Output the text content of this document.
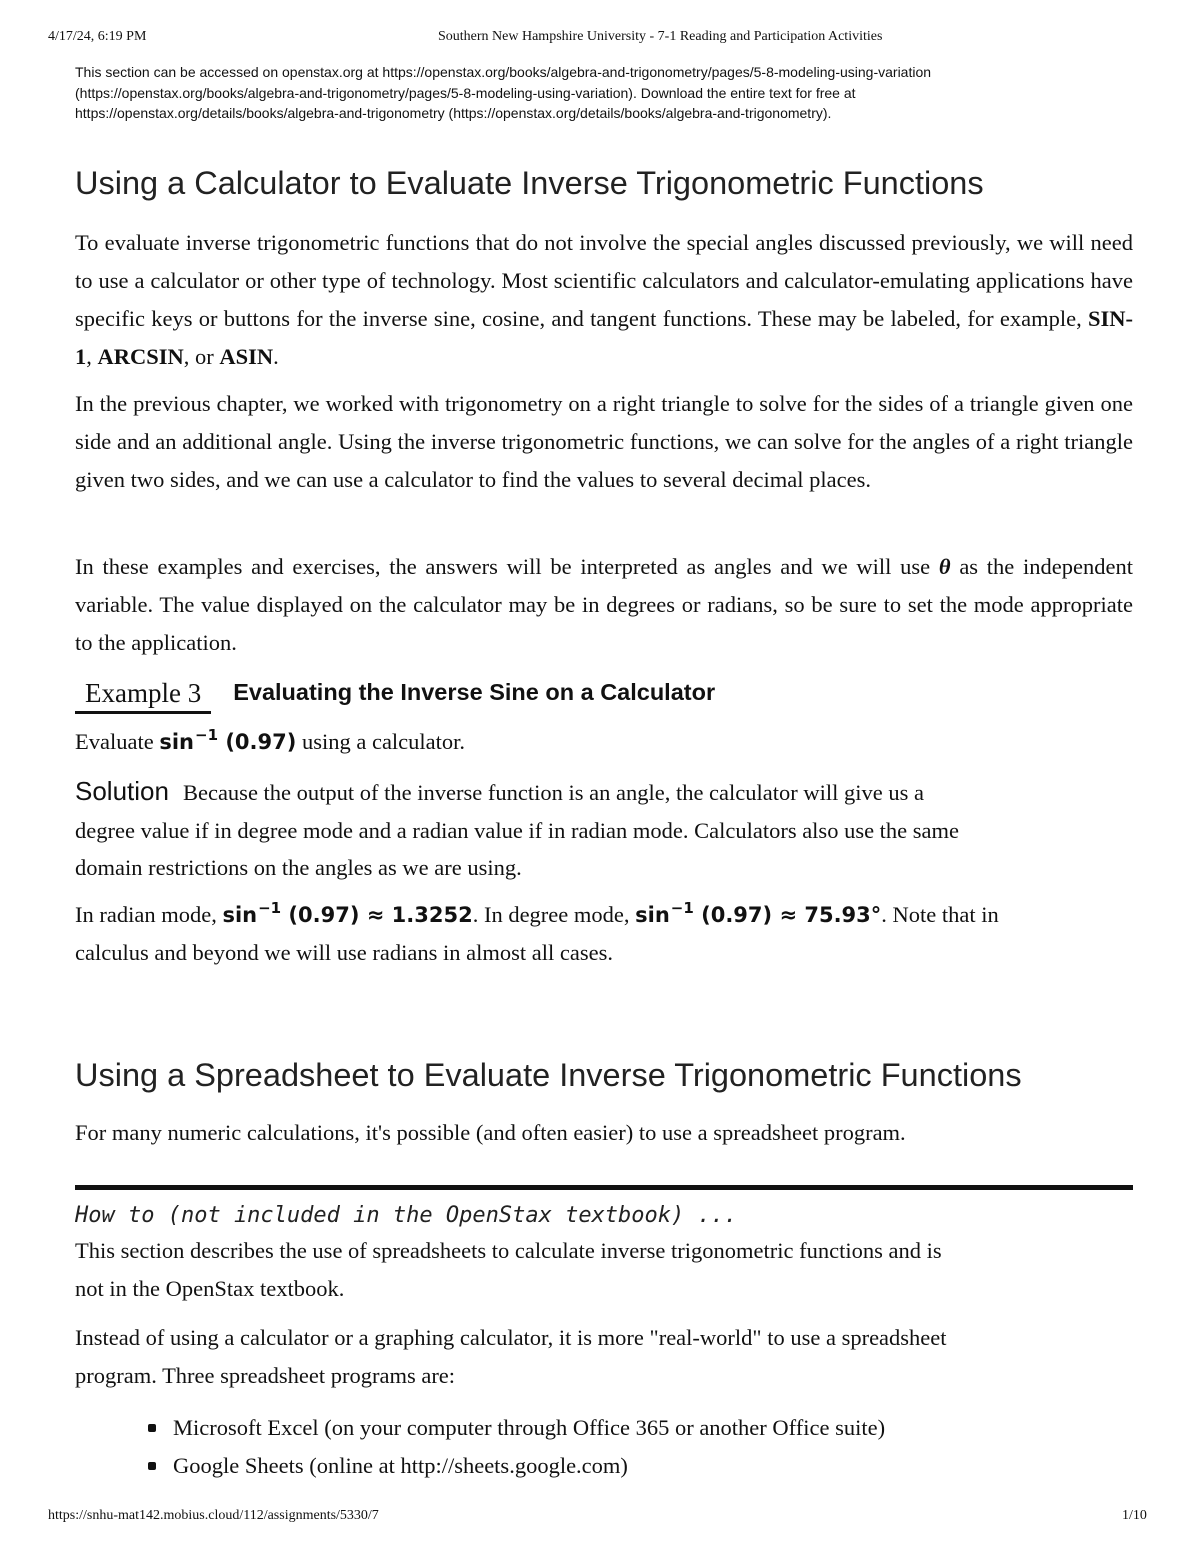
4/17/24, 6:19 PM	Southern New Hampshire University - 7-1 Reading and Participation Activities
This section can be accessed on openstax.org at https://openstax.org/books/algebra-and-trigonometry/pages/5-8-modeling-using-variation
(https://openstax.org/books/algebra-and-trigonometry/pages/5-8-modeling-using-variation). Download the entire text for free at
https://openstax.org/details/books/algebra-and-trigonometry (https://openstax.org/details/books/algebra-and-trigonometry).
Using a Calculator to Evaluate Inverse Trigonometric Functions

To evaluate inverse trigonometric functions that do not involve the special angles discussed previously, we will need to use a calculator or other type of technology. Most scientific calculators and calculator-emulating applications have specific keys or buttons for the inverse sine, cosine, and tangent functions. These may be labeled, for example, SIN-1, ARCSIN, or ASIN.

In the previous chapter, we worked with trigonometry on a right triangle to solve for the sides of a triangle given one side and an additional angle. Using the inverse trigonometric functions, we can solve for the angles of a right triangle given two sides, and we can use a calculator to find the values to several decimal places.

In these examples and exercises, the answers will be interpreted as angles and we will use θ as the independent variable. The value displayed on the calculator may be in degrees or radians, so be sure to set the mode appropriate to the application.

Example 3 Evaluating the Inverse Sine on a Calculator
Evaluate $\sin^{-1} (0.97)$ using a calculator.
Solution Because the output of the inverse function is an angle, the calculator will give us a
degree value if in degree mode and a radian value if in radian mode. Calculators also use the same
domain restrictions on the angles as we are using.
In radian mode, $\sin^{-1} (0.97) \approx 1.3252$. In degree mode, $\sin^{-1} (0.97) \approx 75.93^\circ$. Note that in
calculus and beyond we will use radians in almost all cases.
Using a Spreadsheet to Evaluate Inverse Trigonometric Functions
For many numeric calculations, it's possible (and often easier) to use a spreadsheet program.
How to (not included in the OpenStax textbook) ...
This section describes the use of spreadsheets to calculate inverse trigonometric functions and is
not in the OpenStax textbook.
Instead of using a calculator or a graphing calculator, it is more "real-world" to use a spreadsheet
program. Three spreadsheet programs are:
Microsoft Excel (on your computer through Office 365 or another Office suite)
Google Sheets (online at http://sheets.google.com)
https://snhu-mat142.mobius.cloud/112/assignments/5330/7	1/10
